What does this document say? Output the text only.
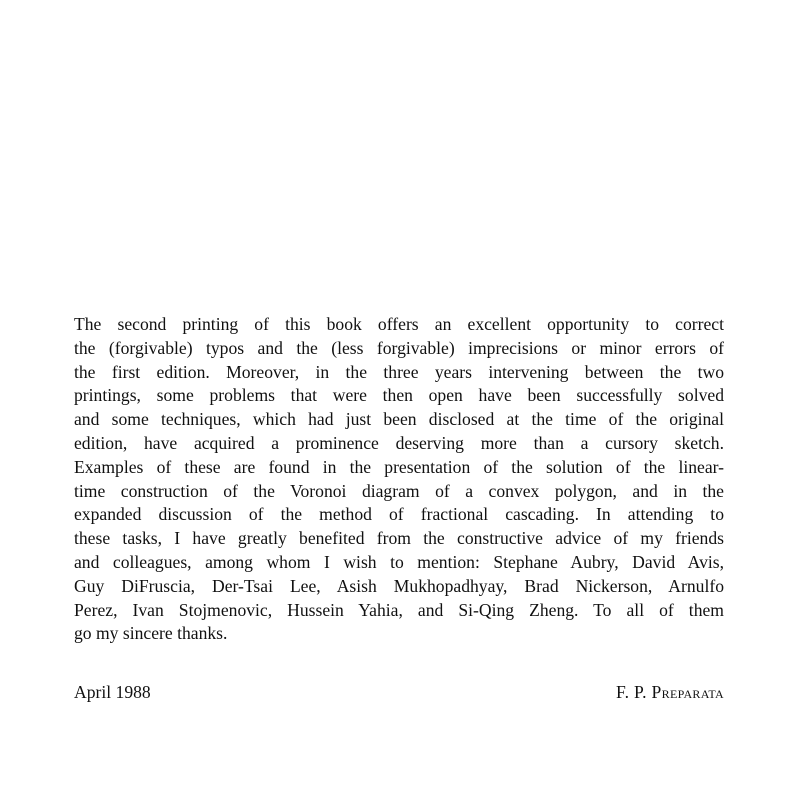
The second printing of this book offers an excellent opportunity to correct
the (forgivable) typos and the (less forgivable) imprecisions or minor errors of
the first edition. Moreover, in the three years intervening between the two
printings, some problems that were then open have been successfully solved
and some techniques, which had just been disclosed at the time of the original
edition, have acquired a prominence deserving more than a cursory sketch.
Examples of these are found in the presentation of the solution of the linear-
time construction of the Voronoi diagram of a convex polygon, and in the
expanded discussion of the method of fractional cascading. In attending to
these tasks, I have greatly benefited from the constructive advice of my friends
and colleagues, among whom I wish to mention: Stephane Aubry, David Avis,
Guy DiFruscia, Der-Tsai Lee, Asish Mukhopadhyay, Brad Nickerson, Arnulfo
Perez, Ivan Stojmenovic, Hussein Yahia, and Si-Qing Zheng. To all of them
go my sincere thanks.
April 1988	F. P. Preparata
